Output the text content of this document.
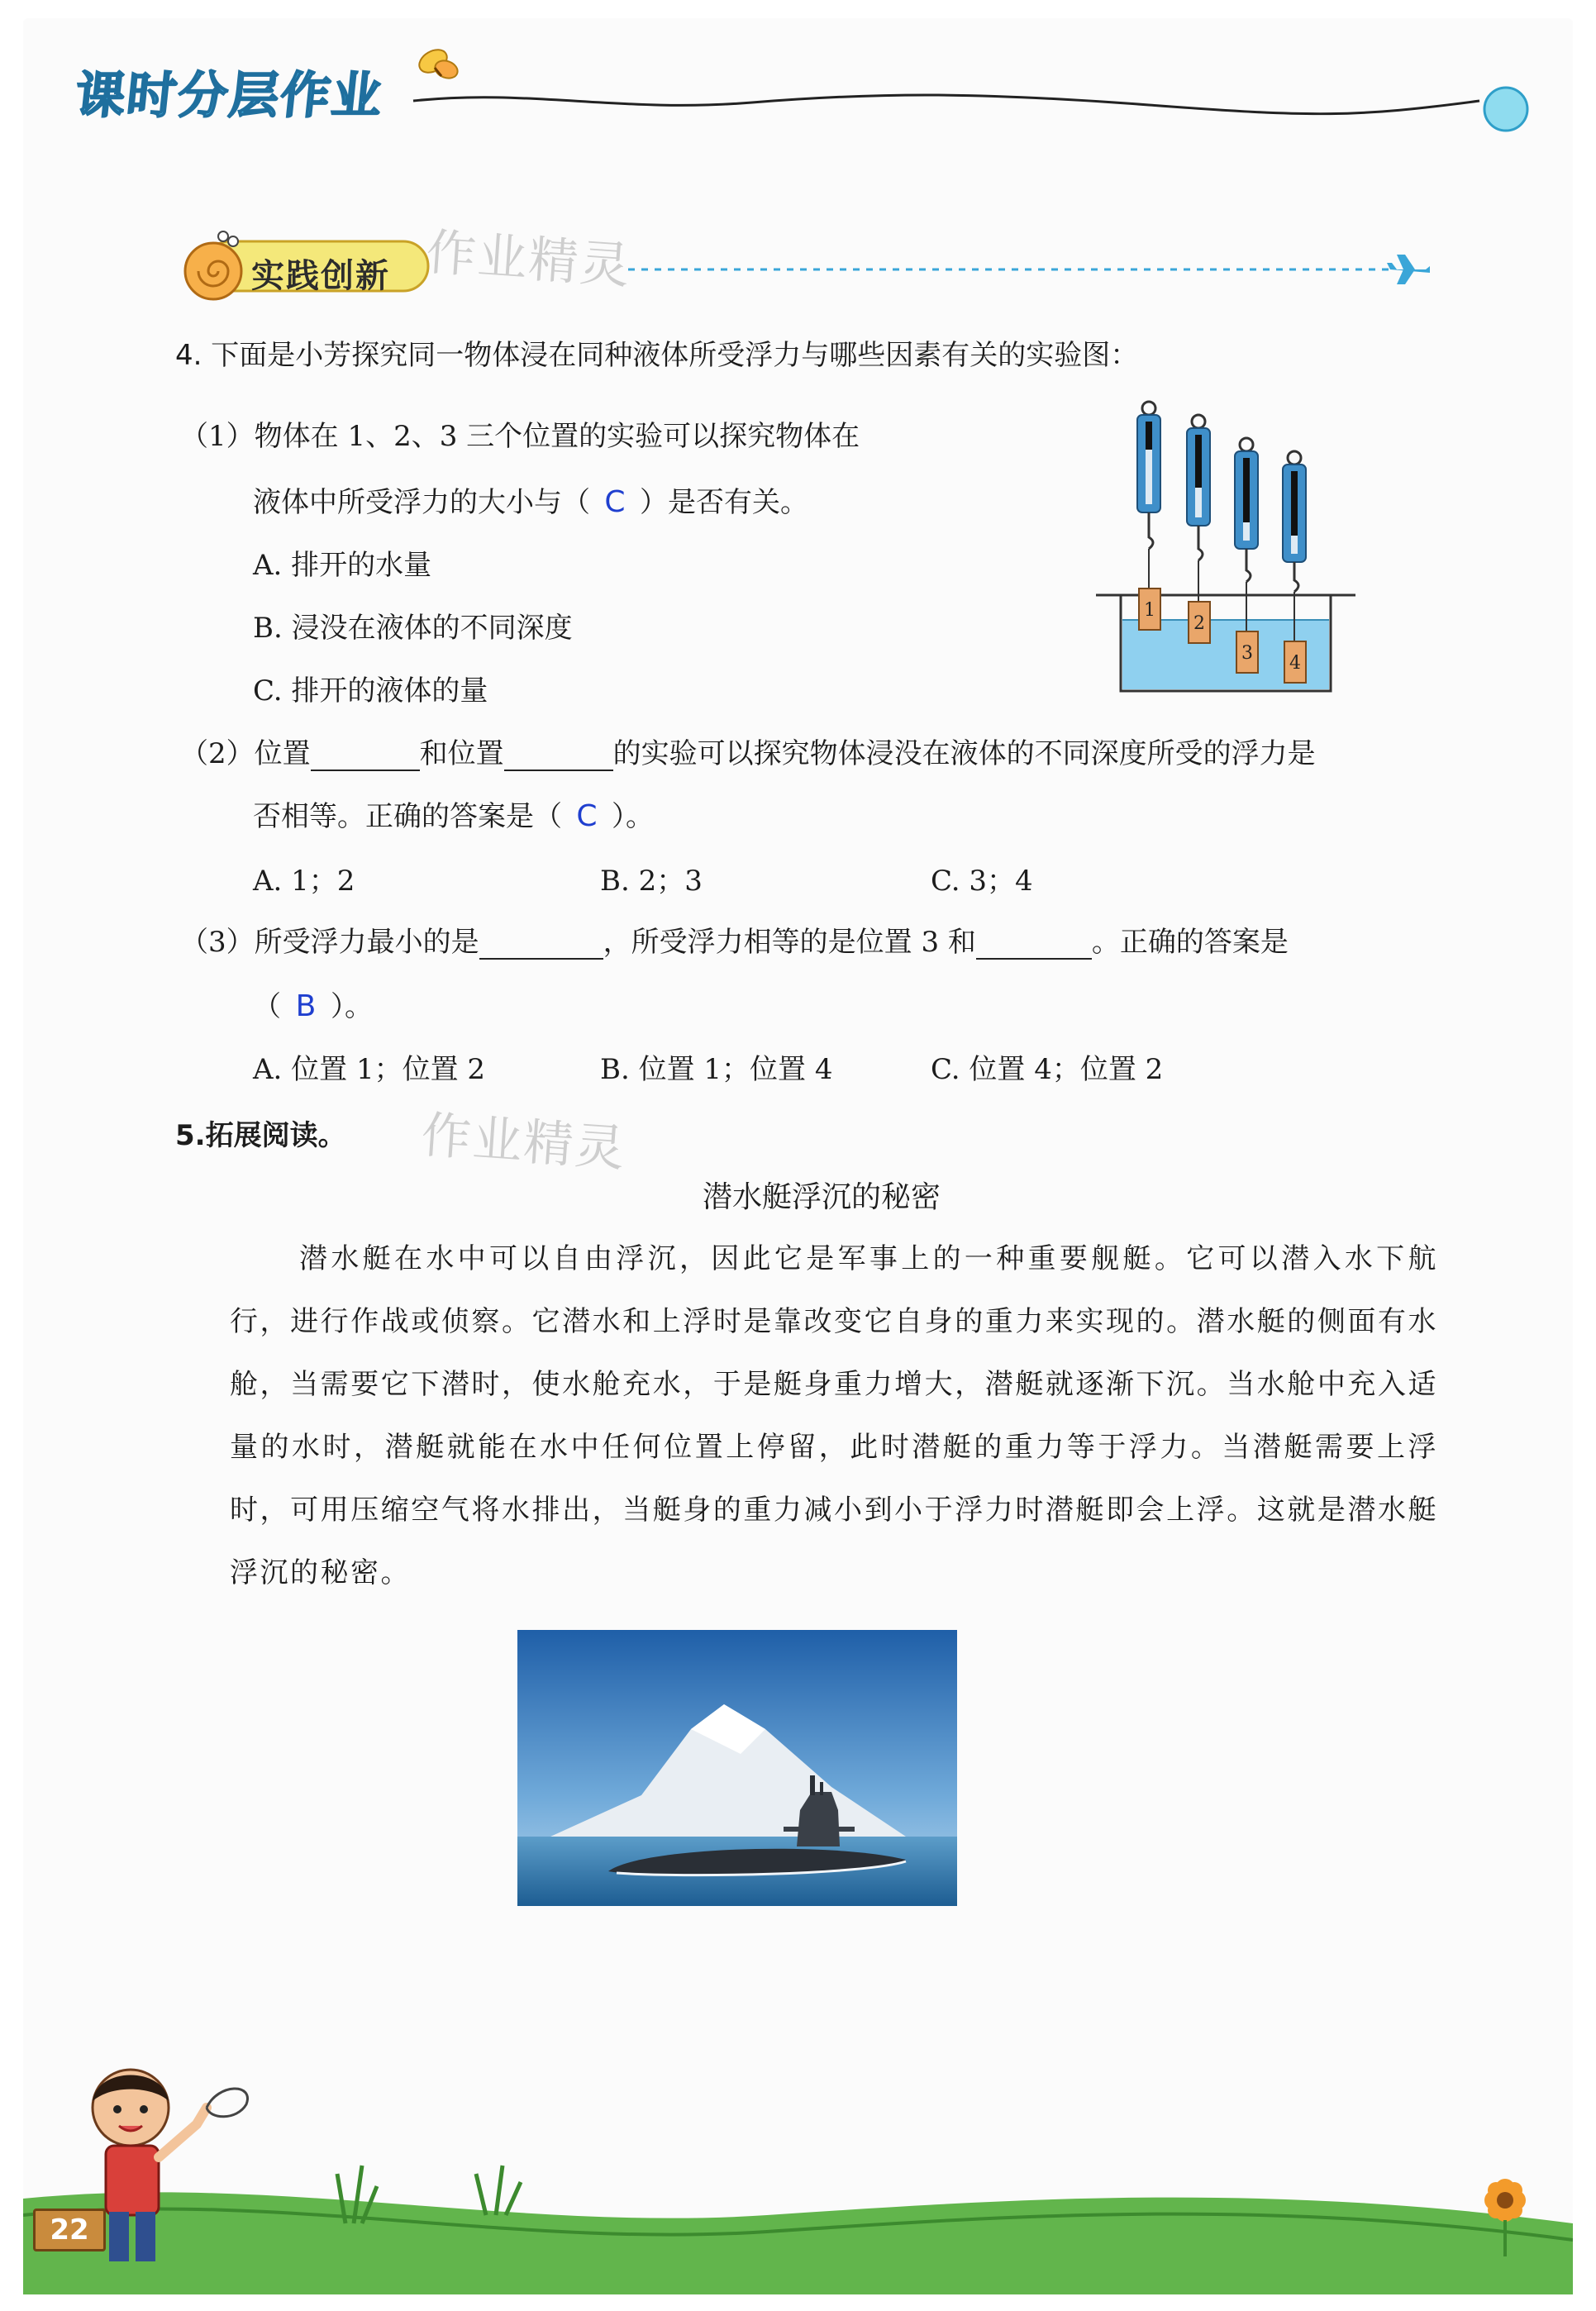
课时分层作业
实践创新 作业精灵
4. 下面是小芳探究同一物体浸在同种液体所受浮力与哪些因素有关的实验图：
（1）物体在 1、2、3 三个位置的实验可以探究物体在
液体中所受浮力的大小与（ C ）是否有关。
A. 排开的水量
B. 浸没在液体的不同深度
C. 排开的液体的量
1
2
3 4
（2）位置	和位置	的实验可以探究物体浸没在液体的不同深度所受的浮力是
否相等。正确的答案是（ C ）。
A. 1；2	B. 2；3	C. 3；4
（3）所受浮力最小的是	，所受浮力相等的是位置 3 和	。正确的答案是
（ B ）。
A. 位置 1；位置 2	B. 位置 1；位置 4	C. 位置 4；位置 2
5.拓展阅读。 作业精灵
潜水艇浮沉的秘密

潜水艇在水中可以自由浮沉，因此它是军事上的一种重要舰艇。它可以潜入水下航行，进行作战或侦察。它潜水和上浮时是靠改变它自身的重力来实现的。潜水艇的侧面有水舱，当需要它下潜时，使水舱充水，于是艇身重力增大，潜艇就逐渐下沉。当水舱中充入适量的水时，潜艇就能在水中任何位置上停留，此时潜艇的重力等于浮力。当潜艇需要上浮时，可用压缩空气将水排出，当艇身的重力减小到小于浮力时潜艇即会上浮。这就是潜水艇浮沉的秘密。

22
